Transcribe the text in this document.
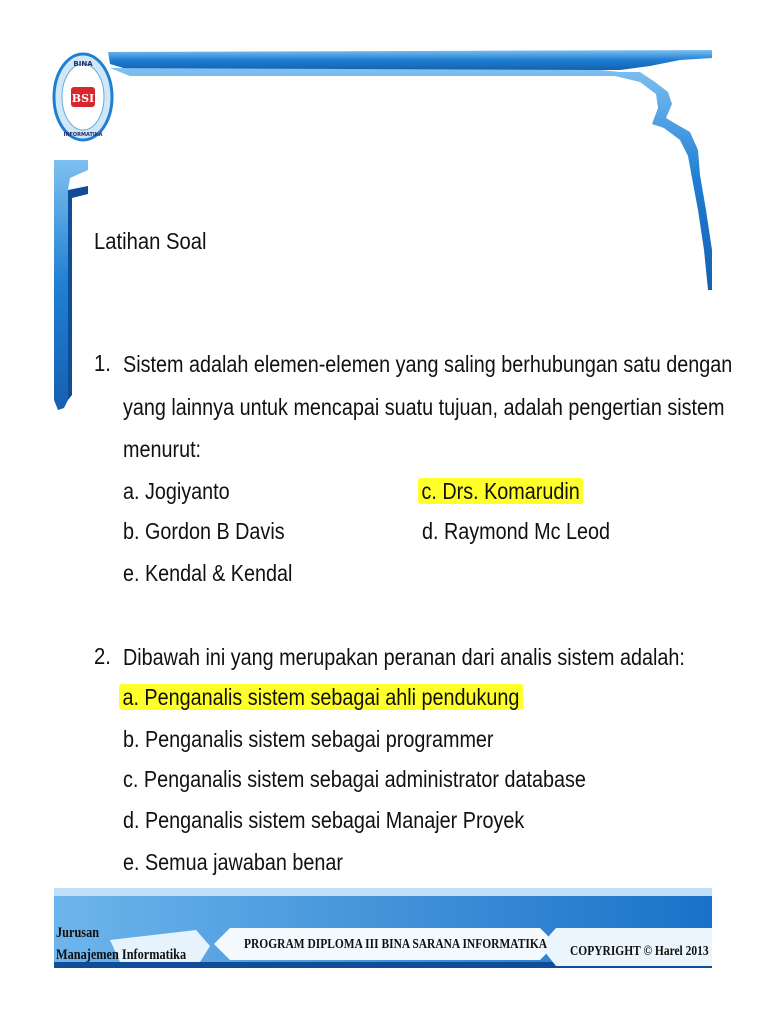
BINA
INFORMATIKA
BSI
Latihan Soal
1. Sistem adalah elemen-elemen yang saling berhubungan satu dengan
yang lainnya untuk mencapai suatu tujuan, adalah pengertian sistem
menurut:
a. Jogiyanto	c. Drs. Komarudin
b. Gordon B Davis	d. Raymond Mc Leod
e. Kendal & Kendal
2. Dibawah ini yang merupakan peranan dari analis sistem adalah:
a. Penganalis sistem sebagai ahli pendukung
b. Penganalis sistem sebagai programmer
c. Penganalis sistem sebagai administrator database
d. Penganalis sistem sebagai Manajer Proyek
e. Semua jawaban benar
Jurusan
Manajemen Informatika
PROGRAM DIPLOMA III BINA SARANA INFORMATIKA COPYRIGHT © Harel 2013
